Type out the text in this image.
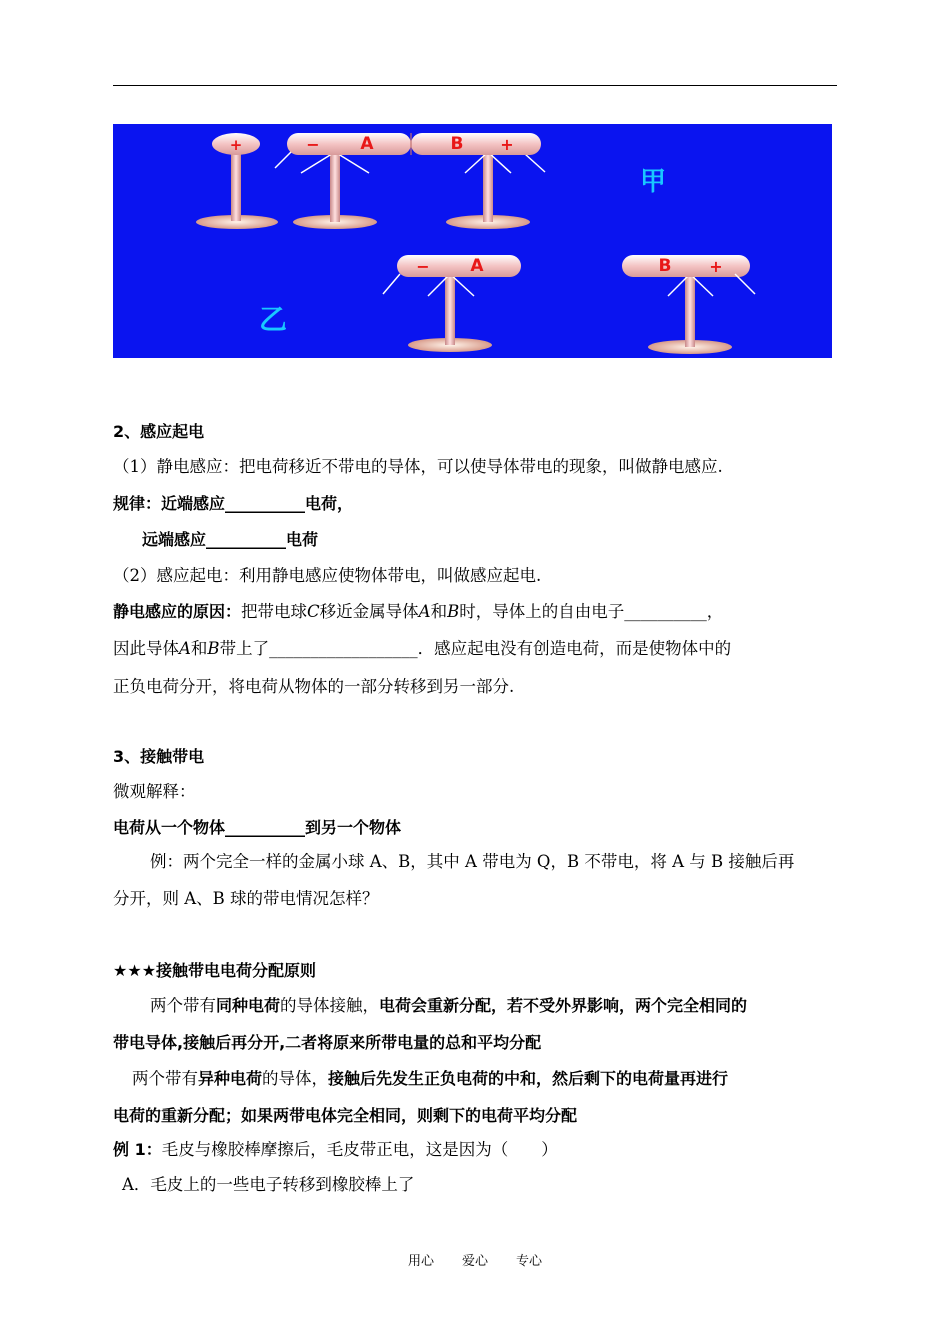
+	− A	B +
甲
乙
− A	B +
2、感应起电
（1）静电感应：把电荷移近不带电的导体，可以使导体带电的现象，叫做静电感应.
规律：近端感应__________电荷，
远端感应__________电荷
（2）感应起电：利用静电感应使物体带电，叫做感应起电.
静电感应的原因：把带电球C移近金属导体A和B时，导体上的自由电子__________，
因此导体A和B带上了__________________．感应起电没有创造电荷，而是使物体中的
正负电荷分开，将电荷从物体的一部分转移到另一部分.
3、接触带电
微观解释：
电荷从一个物体__________到另一个物体
例：两个完全一样的金属小球 A、B，其中 A 带电为 Q，B 不带电，将 A 与 B 接触后再
分开，则 A、B 球的带电情况怎样？
★★★接触带电电荷分配原则
两个带有同种电荷的导体接触，电荷会重新分配，若不受外界影响，两个完全相同的
带电导体,接触后再分开,二者将原来所带电量的总和平均分配
两个带有异种电荷的导体，接触后先发生正负电荷的中和，然后剩下的电荷量再进行
电荷的重新分配；如果两带电体完全相同，则剩下的电荷平均分配
例 1：毛皮与橡胶棒摩擦后，毛皮带正电，这是因为（　　）
A．毛皮上的一些电子转移到橡胶棒上了
用心 爱心 专心
